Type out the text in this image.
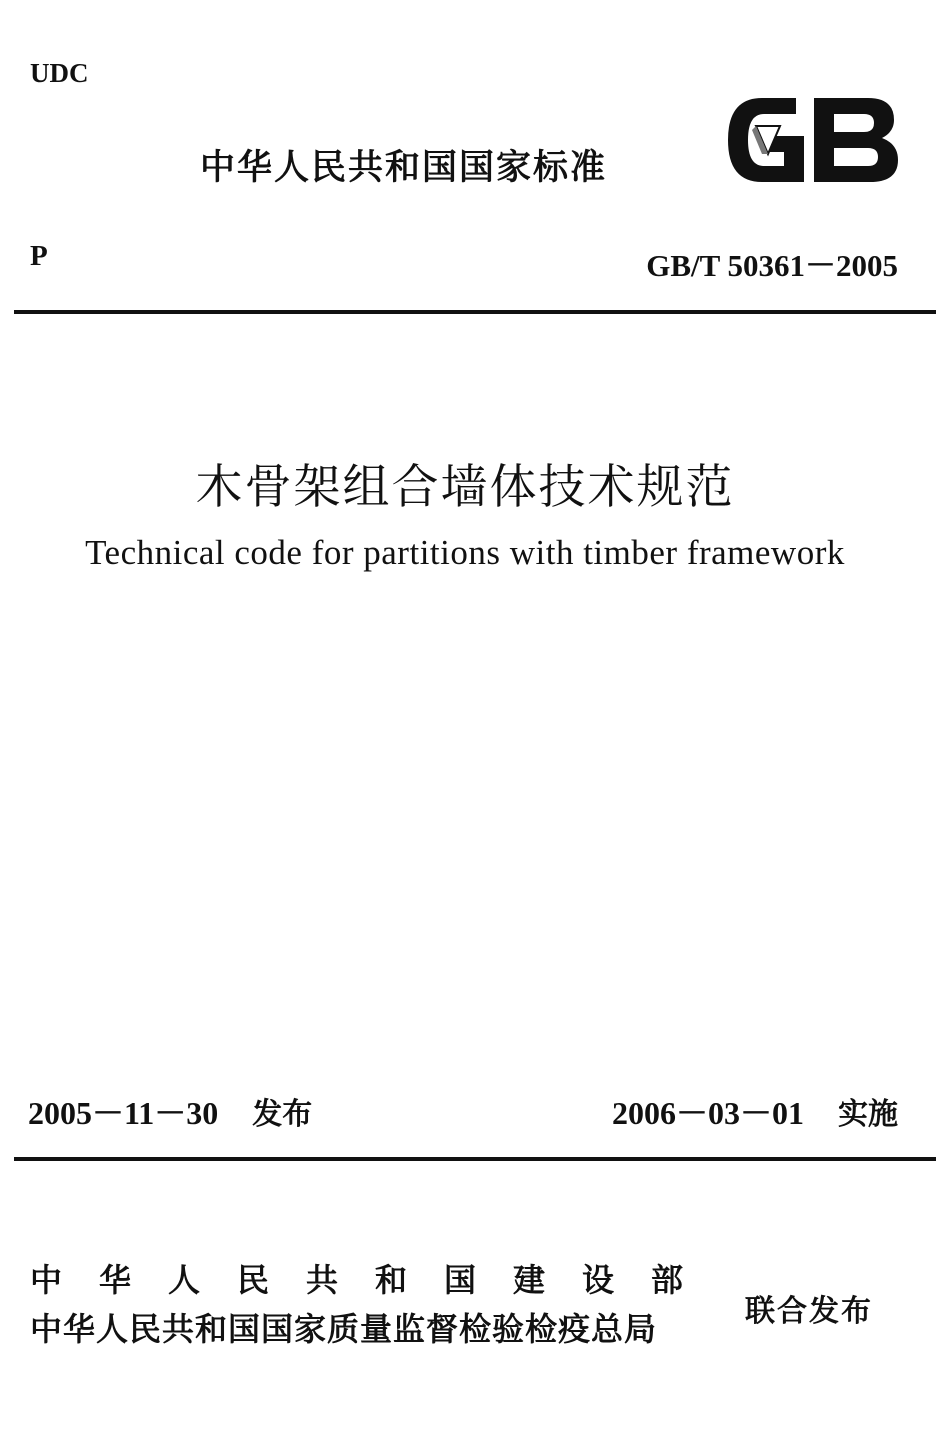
UDC
中华人民共和国国家标准
P	GB/T 50361－2005
木骨架组合墙体技术规范
Technical code for partitions with timber framework
2005－11－30 发布	2006－03－01 实施
中华人民共和国建设部
中华人民共和国国家质量监督检验检疫总局	联合发布
